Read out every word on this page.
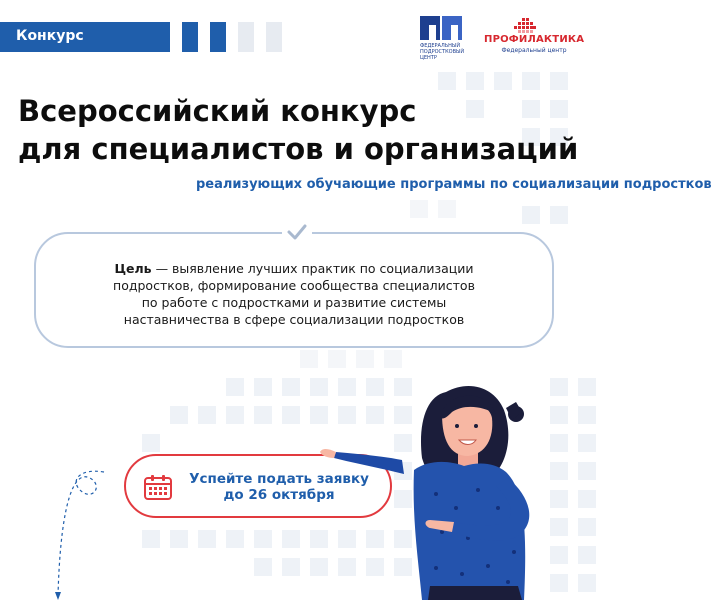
Конкурс
ФЕДЕРАЛЬНЫЙ
ПОДРОСТКОВЫЙ
ЦЕНТР
ПРОФИЛАКТИКА
Федеральный центр
Всероссийский конкурс
для специалистов и организаций
реализующих обучающие программы по социализации подростков
Цель — выявление лучших практик по социализации
подростков, формирование сообщества специалистов
по работе с подростками и развитие системы
наставничества в сфере социализации подростков
Успейте подать заявку
до 26 октября
